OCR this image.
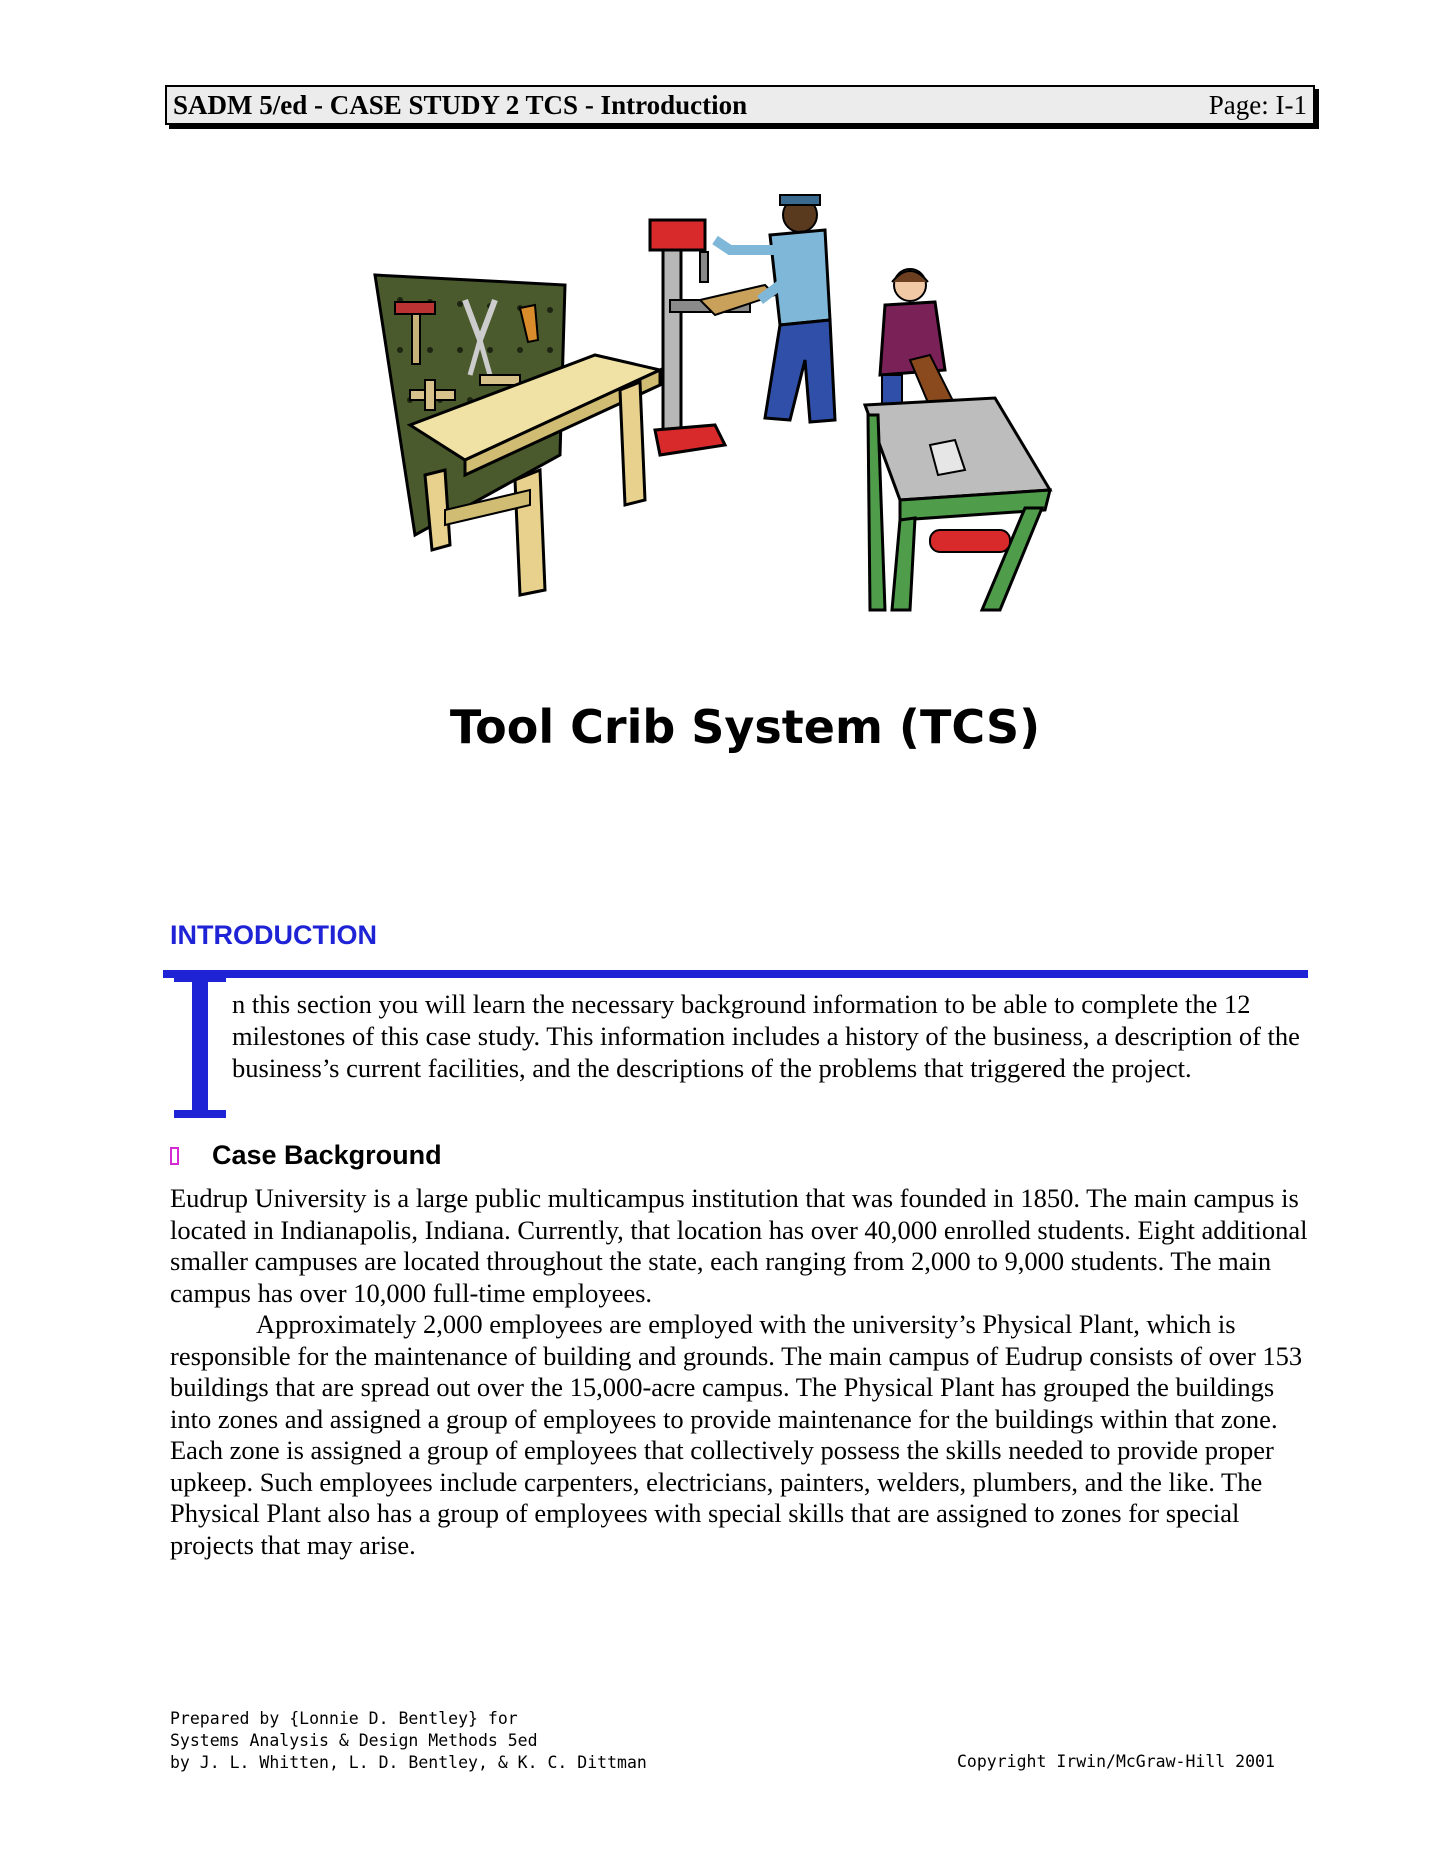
SADM 5/ed - CASE STUDY 2 TCS - Introduction	Page: I-1
Tool Crib System (TCS)
INTRODUCTION
n this section you will learn the necessary background information to be able to complete the 12 milestones of this case study. This information includes a history of the business, a description of the business’s current facilities, and the descriptions of the problems that triggered the project.
Case Background

Eudrup University is a large public multicampus institution that was founded in 1850. The main campus is located in Indianapolis, Indiana. Currently, that location has over 40,000 enrolled students. Eight additional smaller campuses are located throughout the state, each ranging from 2,000 to 9,000 students. The main campus has over 10,000 full-time employees.

Approximately 2,000 employees are employed with the university’s Physical Plant, which is responsible for the maintenance of building and grounds. The main campus of Eudrup consists of over 153 buildings that are spread out over the 15,000-acre campus. The Physical Plant has grouped the buildings into zones and assigned a group of employees to provide maintenance for the buildings within that zone. Each zone is assigned a group of employees that collectively possess the skills needed to provide proper upkeep. Such employees include carpenters, electricians, painters, welders, plumbers, and the like. The Physical Plant also has a group of employees with special skills that are assigned to zones for special projects that may arise.

Prepared by {Lonnie D. Bentley} for
Systems Analysis & Design Methods 5ed
by J. L. Whitten, L. D. Bentley, & K. C. Dittman	Copyright Irwin/McGraw-Hill 2001
